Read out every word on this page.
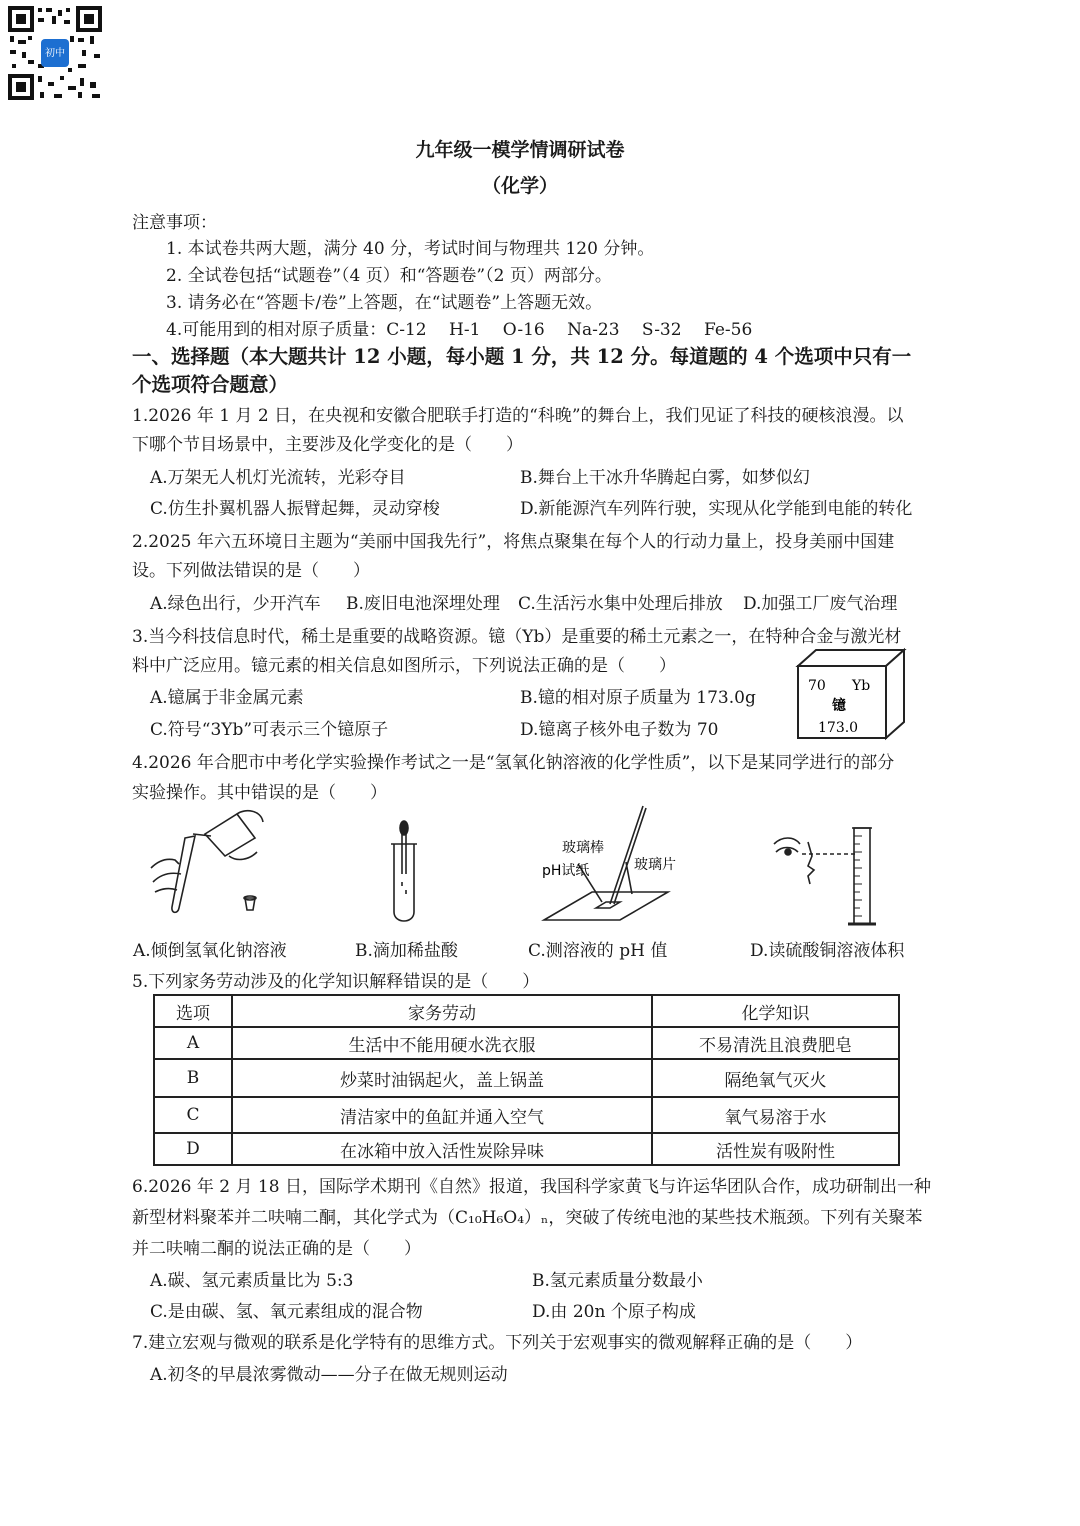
初中
九年级一模学情调研试卷
（化学）
注意事项：
1. 本试卷共两大题，满分 40 分，考试时间与物理共 120 分钟。
2. 全试卷包括“试题卷”（4 页）和“答题卷”（2 页）两部分。
3. 请务必在“答题卡/卷”上答题，在“试题卷”上答题无效。
4.可能用到的相对原子质量：C-12　 H-1　 O-16　 Na-23　 S-32　 Fe-56
一、选择题（本大题共计 12 小题，每小题 1 分，共 12 分。每道题的 4 个选项中只有一
个选项符合题意）
1.2026 年 1 月 2 日，在央视和安徽合肥联手打造的“科晚”的舞台上，我们见证了科技的硬核浪漫。以
下哪个节目场景中，主要涉及化学变化的是（　　）
A.万架无人机灯光流转，光彩夺目	B.舞台上干冰升华腾起白雾，如梦似幻
C.仿生扑翼机器人振臂起舞，灵动穿梭	D.新能源汽车列阵行驶，实现从化学能到电能的转化
2.2025 年六五环境日主题为“美丽中国我先行”，将焦点聚集在每个人的行动力量上，投身美丽中国建
设。下列做法错误的是（　　）
A.绿色出行，少开汽车 B.废旧电池深埋处理 C.生活污水集中处理后排放 D.加强工厂废气治理
3.当今科技信息时代，稀土是重要的战略资源。镱（Yb）是重要的稀土元素之一，在特种合金与激光材
料中广泛应用。镱元素的相关信息如图所示，下列说法正确的是（　　）
A.镱属于非金属元素	B.镱的相对原子质量为 173.0g
C.符号“3Yb”可表示三个镱原子	D.镱离子核外电子数为 70
70 Yb
镱
173.0
4.2026 年合肥市中考化学实验操作考试之一是“氢氧化钠溶液的化学性质”，以下是某同学进行的部分
实验操作。其中错误的是（　　）
玻璃棒
pH试纸	玻璃片
A.倾倒氢氧化钠溶液	B.滴加稀盐酸	C.测溶液的 pH 值	D.读硫酸铜溶液体积
5.下列家务劳动涉及的化学知识解释错误的是（　　）
选项	家务劳动	化学知识
A	生活中不能用硬水洗衣服	不易清洗且浪费肥皂
B	炒菜时油锅起火，盖上锅盖	隔绝氧气灭火
C	清洁家中的鱼缸并通入空气	氧气易溶于水
D	在冰箱中放入活性炭除异味	活性炭有吸附性
6.2026 年 2 月 18 日，国际学术期刊《自然》报道，我国科学家黄飞与许运华团队合作，成功研制出一种
新型材料聚苯并二呋喃二酮，其化学式为（C₁₀H₆O₄）ₙ，突破了传统电池的某些技术瓶颈。下列有关聚苯
并二呋喃二酮的说法正确的是（　　）
A.碳、氢元素质量比为 5:3	B.氢元素质量分数最小
C.是由碳、氢、氧元素组成的混合物	D.由 20n 个原子构成
7.建立宏观与微观的联系是化学特有的思维方式。下列关于宏观事实的微观解释正确的是（　　）
A.初冬的早晨浓雾微动——分子在做无规则运动
